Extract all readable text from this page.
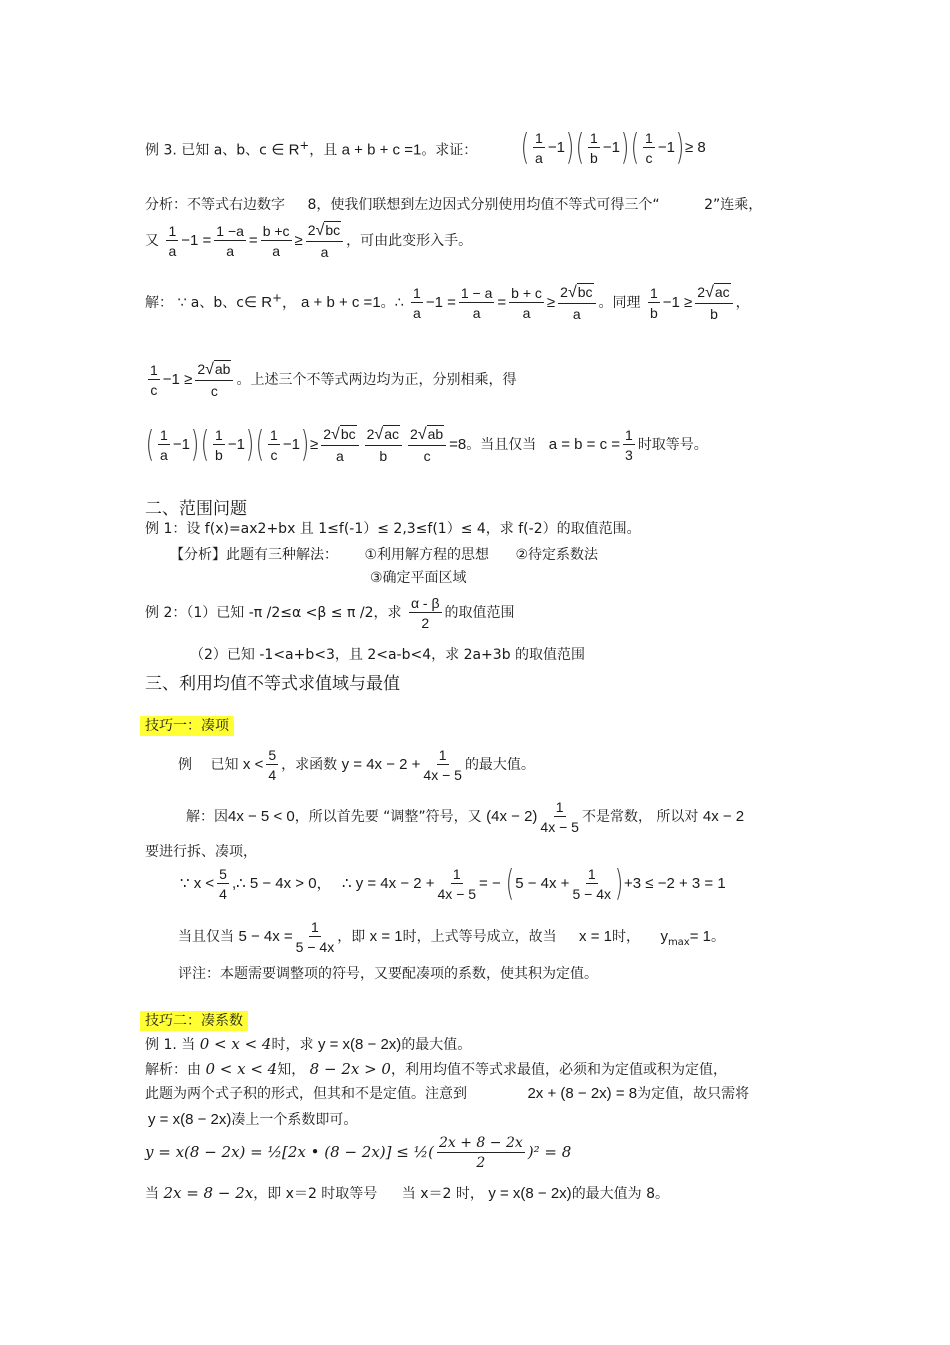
例 3. 已知 a、b、c ∈ R+，且 a + b + c =1。求证： ( $\frac{1}{a} -1)( \frac{1}{b} -1)( \frac{1}{c} -1)\ge 8$
分析：不等式右边数字 8，使我们联想到左边因式分别使用均值不等式可得三个“	2”连乘，
又 $\frac{1}{a} -1 = \frac{1 -a}{a} = \frac{b +c}{a} \ge \frac{2√bc}{a}$ ，可由此变形入手。
解： ∵ a、b、c∈ R+， a + b + c =1。∴ $\frac{1}{a} -1 = \frac{1 - a}{a} = \frac{b + c}{a} \ge \frac{2√bc}{a}$ 。同理 $\frac{1}{b} -1 \ge \frac{2√ac}{b}$ ，
$\frac{1}{c} -1 \ge \frac{2√ab}{c}$ 。上述三个不等式两边均为正，分别相乘，得
( $\frac{1}{a} -1)( \frac{1}{b} -1)( \frac{1}{c} -1)\ge \frac{2√bc}{a} \frac{2√ac}{b} \frac{2√ab}{c} =8$。当且仅当 $a = b = c = \frac{1}{3}$ 时取等号。
二、范围问题
例 1：设 f(x)=ax2+bx 且 1≤f(-1）≤ 2,3≤f(1）≤ 4，求 f(-2）的取值范围。
【分析】此题有三种解法： ①利用解方程的思想 ②待定系数法
③确定平面区域
例 2：（1）已知 -π /2≤α <β ≤ π /2，求 $\frac{\alpha - \beta}{2}$ 的取值范围
（2）已知 -1<a+b<3，且 2<a-b<4，求 2a+3b 的取值范围
三、利用均值不等式求值域与最值
技巧一：凑项
例 已知 $x < \frac{5}{4}$ ，求函数 $y = 4x - 2 + \frac{1}{4x - 5}$ 的最大值。
解：因4x − 5 < 0，所以首先要 “调整”符号，又 $(4x - 2) \frac{1}{4x - 5}$ 不是常数， 所以对 4x − 2
要进行拆、凑项，
∵ $x < \frac{5}{4}$ ,∴ 5 − 4x > 0， ∴ $y = 4x - 2 + \frac{1}{4x - 5}$ = − $(5 - 4x + \frac{1}{5 - 4x} )+3 \le -2 + 3 = 1$
当且仅当 $5 - 4x = \frac{1}{5 - 4x}$ ，即 x = 1时，上式等号成立，故当 x = 1时， $y_{max}= 1$。
评注：本题需要调整项的符号，又要配凑项的系数，使其积为定值。
技巧二：凑系数
例 1. 当 0 < x < 4时，求 y = x(8 − 2x)的最大值。
解析：由 0 < x < 4知， 8 − 2x > 0，利用均值不等式求最值，必须和为定值或积为定值，
此题为两个式子积的形式，但其和不是定值。注意到	2x + (8 − 2x) = 8为定值，故只需将
y = x(8 − 2x)凑上一个系数即可。
y = x(8 − 2x) = ½[2x • (8 − 2x)] ≤ ½( $\frac{2x + 8 - 2x}{2} )^2 = 8$
当 2x = 8 − 2x，即 x＝2 时取等号 当 x＝2 时， y = x(8 − 2x)的最大值为 8。
